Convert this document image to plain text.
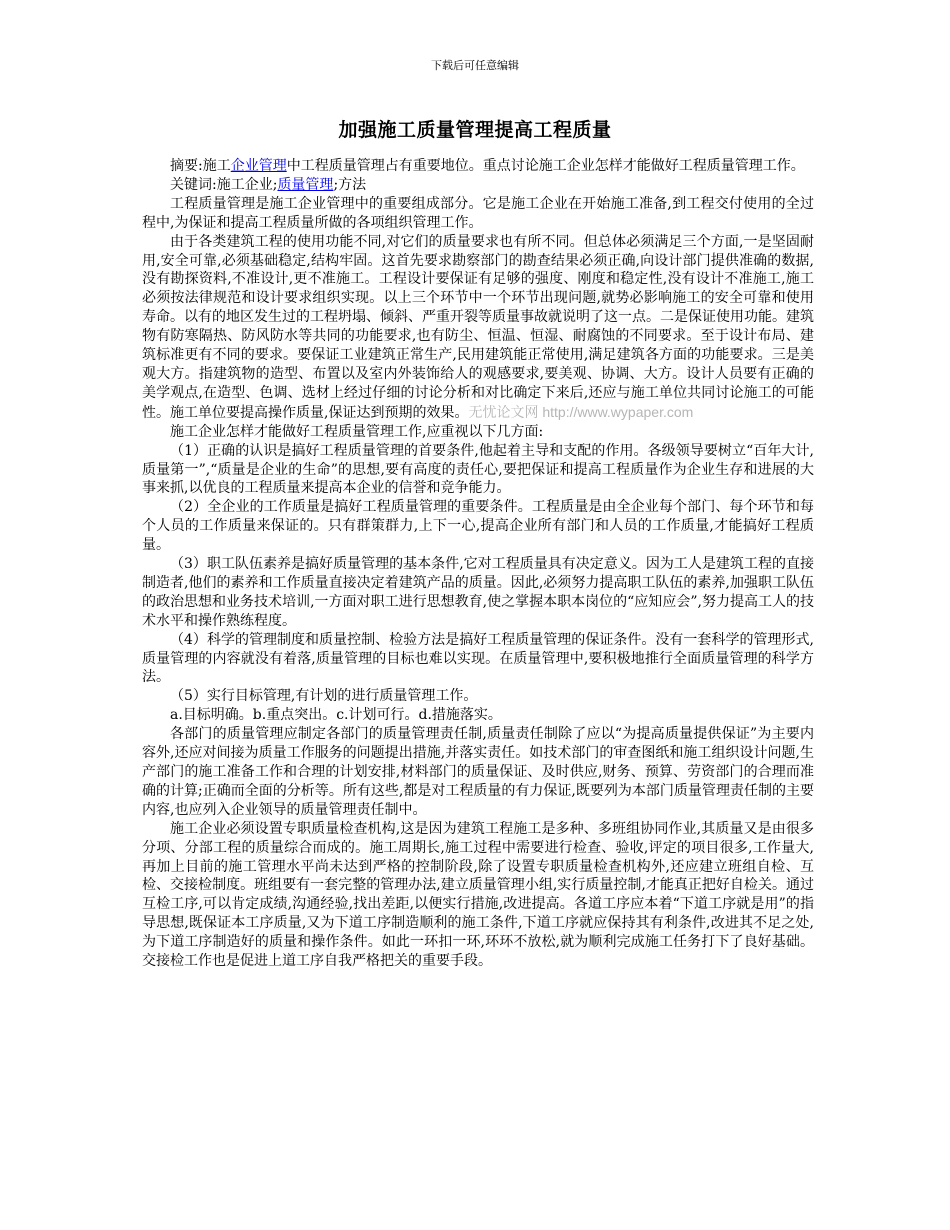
下载后可任意编辑
加强施工质量管理提高工程质量

摘要:施工企业管理中工程质量管理占有重要地位。重点讨论施工企业怎样才能做好工程质量管理工作。

关键词:施工企业;质量管理;方法

工程质量管理是施工企业管理中的重要组成部分。它是施工企业在开始施工准备,到工程交付使用的全过程中,为保证和提高工程质量所做的各项组织管理工作。

由于各类建筑工程的使用功能不同,对它们的质量要求也有所不同。但总体必须满足三个方面,一是坚固耐用,安全可靠,必须基础稳定,结构牢固。这首先要求勘察部门的勘查结果必须正确,向设计部门提供准确的数据,没有勘探资料,不准设计,更不准施工。工程设计要保证有足够的强度、刚度和稳定性,没有设计不准施工,施工必须按法律规范和设计要求组织实现。以上三个环节中一个环节出现问题,就势必影响施工的安全可靠和使用寿命。以有的地区发生过的工程坍塌、倾斜、严重开裂等质量事故就说明了这一点。二是保证使用功能。建筑物有防寒隔热、防风防水等共同的功能要求,也有防尘、恒温、恒湿、耐腐蚀的不同要求。至于设计布局、建筑标准更有不同的要求。要保证工业建筑正常生产,民用建筑能正常使用,满足建筑各方面的功能要求。三是美观大方。指建筑物的造型、布置以及室内外装饰给人的观感要求,要美观、协调、大方。设计人员要有正确的美学观点,在造型、色调、选材上经过仔细的讨论分析和对比确定下来后,还应与施工单位共同讨论施工的可能性。施工单位要提高操作质量,保证达到预期的效果。无忧论文网 http://www.wypaper.com

施工企业怎样才能做好工程质量管理工作,应重视以下几方面:

（1）正确的认识是搞好工程质量管理的首要条件,他起着主导和支配的作用。各级领导要树立“百年大计,质量第一”,“质量是企业的生命”的思想,要有高度的责任心,要把保证和提高工程质量作为企业生存和进展的大事来抓,以优良的工程质量来提高本企业的信誉和竞争能力。

（2）全企业的工作质量是搞好工程质量管理的重要条件。工程质量是由全企业每个部门、每个环节和每个人员的工作质量来保证的。只有群策群力,上下一心,提高企业所有部门和人员的工作质量,才能搞好工程质量。

（3）职工队伍素养是搞好质量管理的基本条件,它对工程质量具有决定意义。因为工人是建筑工程的直接制造者,他们的素养和工作质量直接决定着建筑产品的质量。因此,必须努力提高职工队伍的素养,加强职工队伍的政治思想和业务技术培训,一方面对职工进行思想教育,使之掌握本职本岗位的“应知应会”,努力提高工人的技术水平和操作熟练程度。

（4）科学的管理制度和质量控制、检验方法是搞好工程质量管理的保证条件。没有一套科学的管理形式,质量管理的内容就没有着落,质量管理的目标也难以实现。在质量管理中,要积极地推行全面质量管理的科学方法。

（5）实行目标管理,有计划的进行质量管理工作。

a.目标明确。b.重点突出。c.计划可行。d.措施落实。

各部门的质量管理应制定各部门的质量管理责任制,质量责任制除了应以“为提高质量提供保证”为主要内容外,还应对间接为质量工作服务的问题提出措施,并落实责任。如技术部门的审查图纸和施工组织设计问题,生产部门的施工准备工作和合理的计划安排,材料部门的质量保证、及时供应,财务、预算、劳资部门的合理而准确的计算;正确而全面的分析等。所有这些,都是对工程质量的有力保证,既要列为本部门质量管理责任制的主要内容,也应列入企业领导的质量管理责任制中。

施工企业必须设置专职质量检查机构,这是因为建筑工程施工是多种、多班组协同作业,其质量又是由很多分项、分部工程的质量综合而成的。施工周期长,施工过程中需要进行检查、验收,评定的项目很多,工作量大,再加上目前的施工管理水平尚未达到严格的控制阶段,除了设置专职质量检查机构外,还应建立班组自检、互检、交接检制度。班组要有一套完整的管理办法,建立质量管理小组,实行质量控制,才能真正把好自检关。通过互检工序,可以肯定成绩,沟通经验,找出差距,以便实行措施,改进提高。各道工序应本着“下道工序就是用”的指导思想,既保证本工序质量,又为下道工序制造顺利的施工条件,下道工序就应保持其有利条件,改进其不足之处,为下道工序制造好的质量和操作条件。如此一环扣一环,环环不放松,就为顺利完成施工任务打下了良好基础。交接检工作也是促进上道工序自我严格把关的重要手段。
